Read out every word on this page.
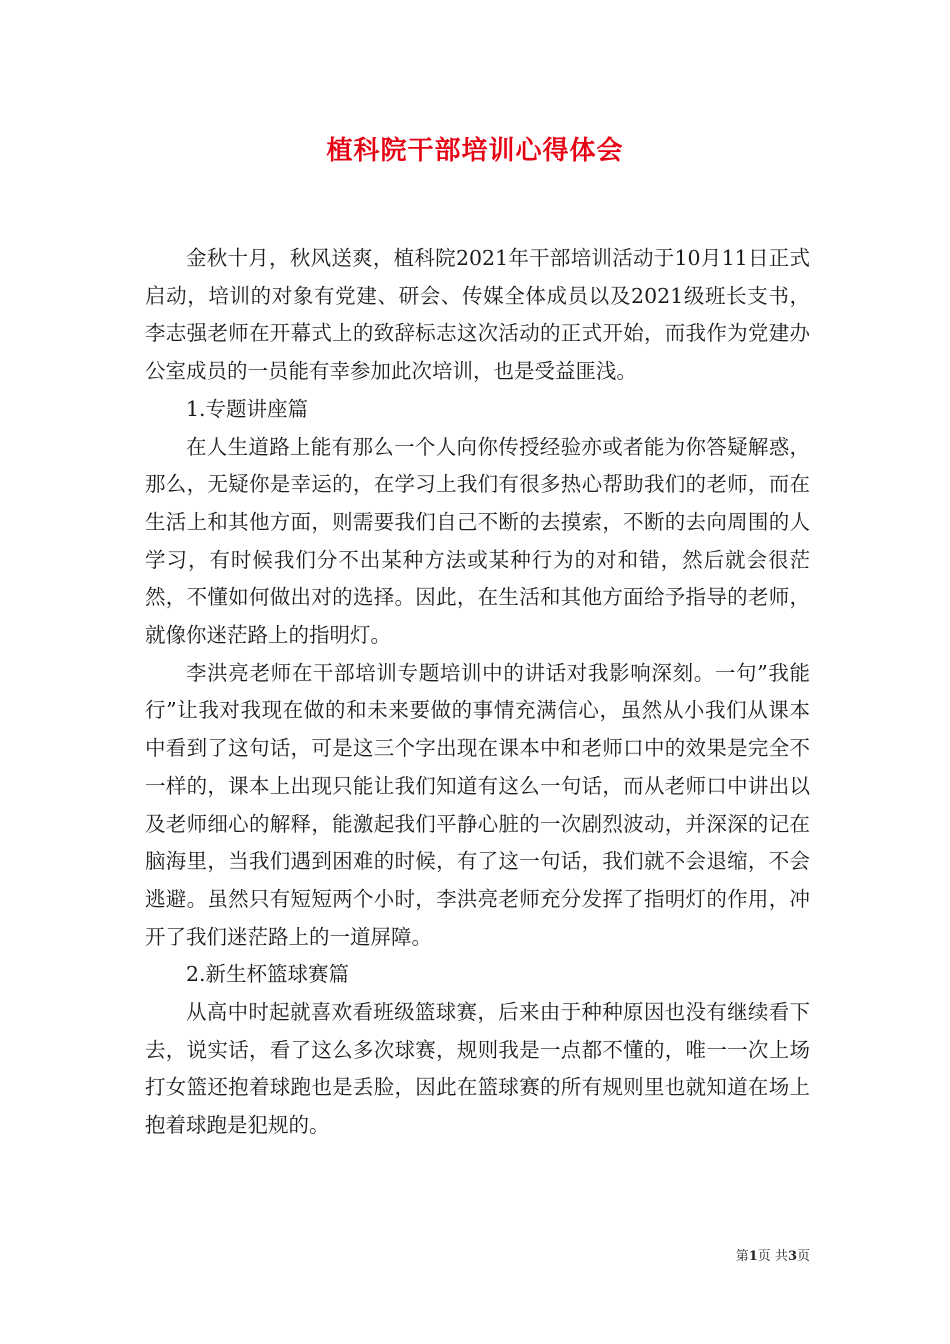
植科院干部培训心得体会

金秋十月，秋风送爽，植科院2021年干部培训活动于10月11日正式启动，培训的对象有党建、研会、传媒全体成员以及2021级班长支书，李志强老师在开幕式上的致辞标志这次活动的正式开始，而我作为党建办公室成员的一员能有幸参加此次培训，也是受益匪浅。

1.专题讲座篇

在人生道路上能有那么一个人向你传授经验亦或者能为你答疑解惑，那么，无疑你是幸运的，在学习上我们有很多热心帮助我们的老师，而在生活上和其他方面，则需要我们自己不断的去摸索，不断的去向周围的人学习，有时候我们分不出某种方法或某种行为的对和错，然后就会很茫然，不懂如何做出对的选择。因此，在生活和其他方面给予指导的老师，就像你迷茫路上的指明灯。

李洪亮老师在干部培训专题培训中的讲话对我影响深刻。一句”我能行”让我对我现在做的和未来要做的事情充满信心，虽然从小我们从课本中看到了这句话，可是这三个字出现在课本中和老师口中的效果是完全不一样的，课本上出现只能让我们知道有这么一句话，而从老师口中讲出以及老师细心的解释，能激起我们平静心脏的一次剧烈波动，并深深的记在脑海里，当我们遇到困难的时候，有了这一句话，我们就不会退缩，不会逃避。虽然只有短短两个小时，李洪亮老师充分发挥了指明灯的作用，冲开了我们迷茫路上的一道屏障。

2.新生杯篮球赛篇

从高中时起就喜欢看班级篮球赛，后来由于种种原因也没有继续看下去，说实话，看了这么多次球赛，规则我是一点都不懂的，唯一一次上场打女篮还抱着球跑也是丢脸，因此在篮球赛的所有规则里也就知道在场上抱着球跑是犯规的。

第1页 共3页
